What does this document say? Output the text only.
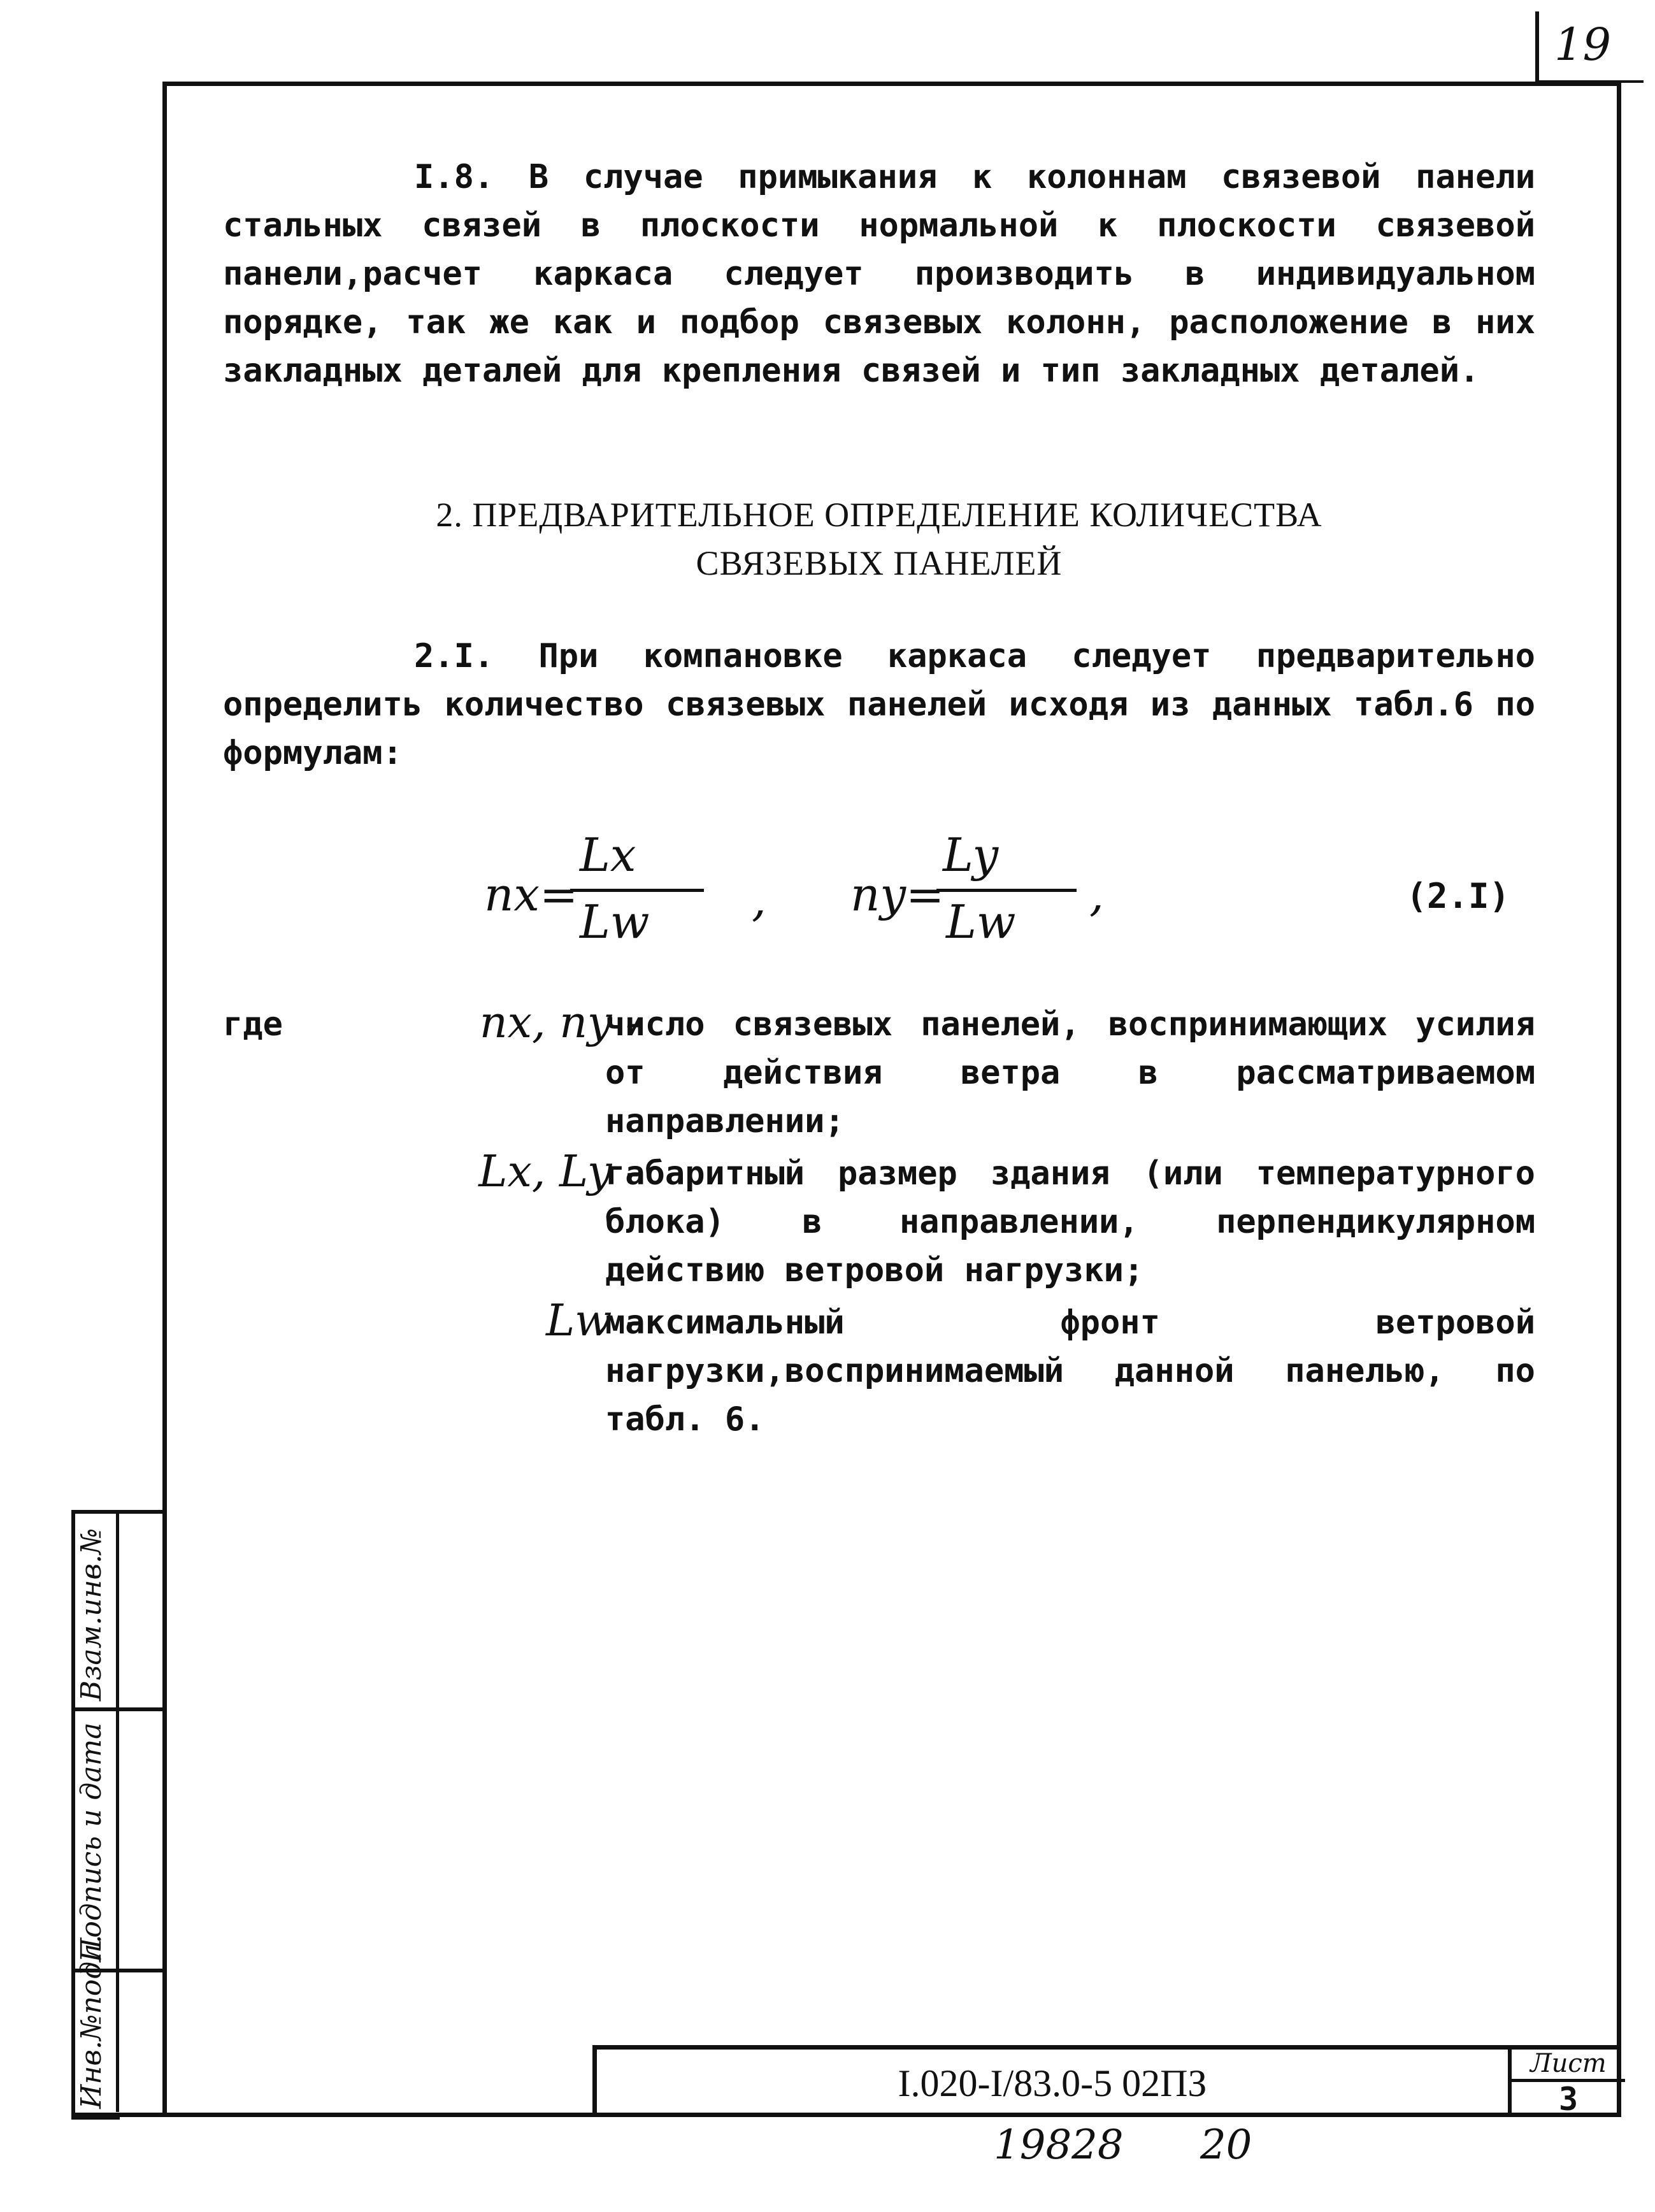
19

I.8. В случае примыкания к колоннам связевой панели стальных связей в плоскости нормальной к плоскости связевой панели,расчет каркаса следует производить в индивидуальном порядке, так же как и подбор связевых колонн, расположение в них закладных деталей для крепления связей и тип закладных деталей.

2. ПРЕДВАРИТЕЛЬНОЕ ОПРЕДЕЛЕНИЕ КОЛИЧЕСТВА
СВЯЗЕВЫХ ПАНЕЛЕЙ

2.I. При компановке каркаса следует предварительно определить количество связевых панелей исходя из данных табл.6 по формулам:

nx=
Lx
Lw , ny=
Ly
Lw
,	(2.I)
где	nx, ny -
число связевых панелей, воспринимающих усилия от действия ветра в рассматриваемом направлении;
Lx, Ly -
габаритный размер здания (или температурного блока) в направлении, перпендикулярном действию ветровой нагрузки;
Lw -
максимальный фронт ветровой нагрузки,воспринимаемый данной панелью, по табл. 6.
Взам.инв.№
Подпись и дата
Инв.№подл.	I.020-I/83.0-5 02ПЗ	Лист
3
19828 20
